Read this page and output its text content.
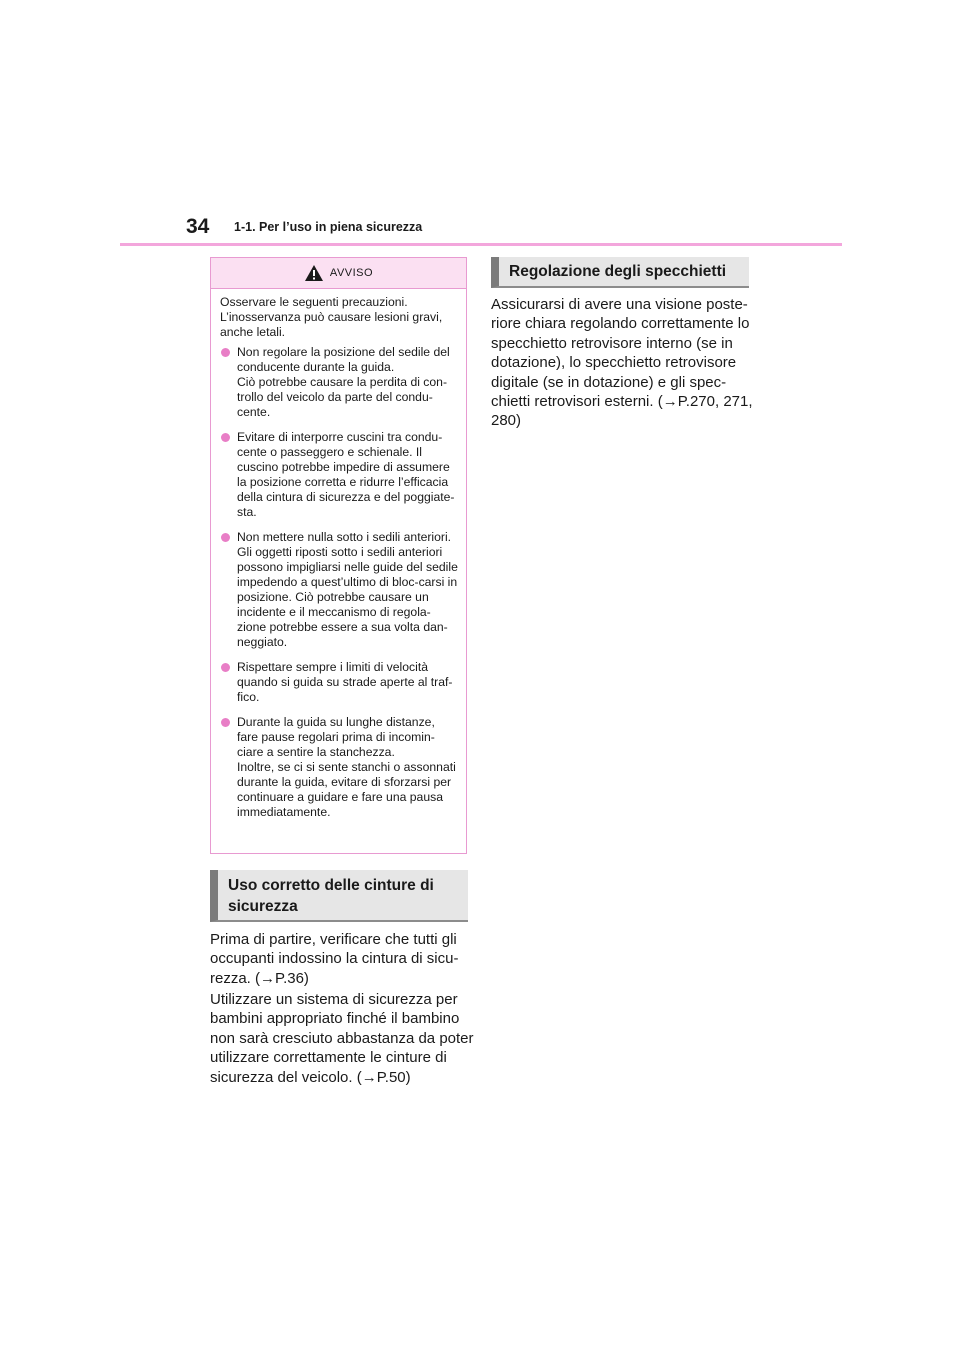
34 1-1. Per l’uso in piena sicurezza
AVVISO

Osservare le seguenti precauzioni. L’inosservanza può causare lesioni gravi, anche letali.

Non regolare la posizione del sedile del conducente durante la guida.
Ciò potrebbe causare la perdita di con-trollo del veicolo da parte del condu-cente.
Evitare di interporre cuscini tra condu-cente o passeggero e schienale. Il cuscino potrebbe impedire di assumere la posizione corretta e ridurre l’efficacia della cintura di sicurezza e del poggiate-sta.
Non mettere nulla sotto i sedili anteriori. Gli oggetti riposti sotto i sedili anteriori possono impigliarsi nelle guide del sedile impedendo a quest’ultimo di bloc-carsi in posizione. Ciò potrebbe causare un incidente e il meccanismo di regola-zione potrebbe essere a sua volta dan-neggiato.
Rispettare sempre i limiti di velocità quando si guida su strade aperte al traf-fico.
Durante la guida su lunghe distanze, fare pause regolari prima di incomin-ciare a sentire la stanchezza.
Inoltre, se ci si sente stanchi o assonnati durante la guida, evitare di sforzarsi per continuare a guidare e fare una pausa immediatamente.
Uso corretto delle cinture di sicurezza

Prima di partire, verificare che tutti gli occupanti indossino la cintura di sicu-rezza. (→P.36)

Utilizzare un sistema di sicurezza per bambini appropriato finché il bambino non sarà cresciuto abbastanza da poter utilizzare correttamente le cinture di sicurezza del veicolo. (→P.50)

Regolazione degli specchietti

Assicurarsi di avere una visione poste-riore chiara regolando correttamente lo specchietto retrovisore interno (se in dotazione), lo specchietto retrovisore digitale (se in dotazione) e gli spec-chietti retrovisori esterni. (→P.270, 271, 280)
